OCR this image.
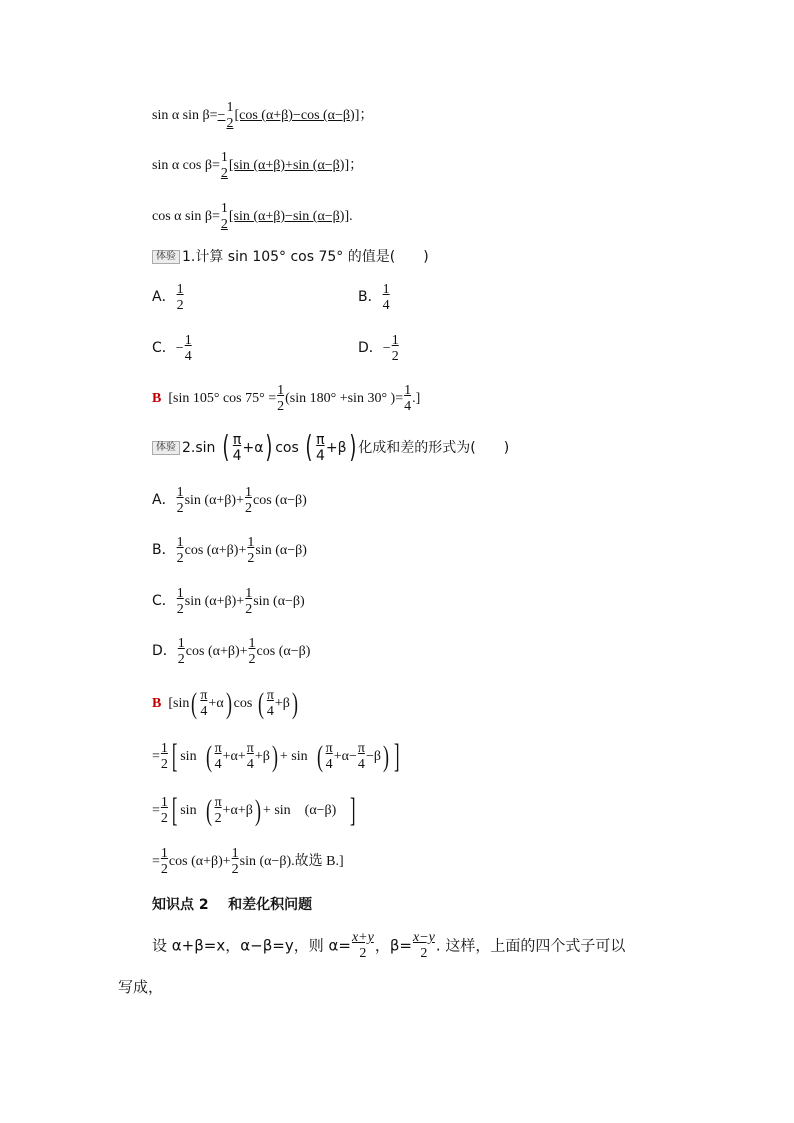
sin α sin β=−
1
2
[cos (α+β)−cos (α−β)]；
sin α cos β=
1
2
[sin (α+β)+sin (α−β)]；
cos α sin β=
1
2
[sin (α+β)−sin (α−β)].
体验 1.计算 sin 105° cos 75° 的值是(　　)
A． $\frac{1}{2}$	B． $\frac{1}{4}$
C．− $\frac{1}{4}$	D．− $\frac{1}{2}$
B [sin 105° $\cos 75^\circ = \frac{1}{2} (\sin$ 180° +sin 30° )= $\frac{1}{4}$ .]
体验 2.sin ( $\frac{\pi}{4} +\alpha$) cos ( $\frac{\pi}{4} +\beta$) 化成和差的形式为(　　)
A． $\frac{1}{2}$ $\sin (\alpha+\beta)+ \frac{1}{2}$ cos (α−β)
B． $\frac{1}{2}$ $\cos (\alpha+\beta)+ \frac{1}{2}$ sin (α−β)
C． $\frac{1}{2}$ $\sin (\alpha+\beta)+ \frac{1}{2}$ sin (α−β)
D． $\frac{1}{2}$ $\cos (\alpha+\beta)+ \frac{1}{2}$ cos (α−β)
B [$\sin( \frac{\pi}{4} +\alpha)$ cos ( $\frac{\pi}{4} +\beta$)
= $\frac{1}{2}$ [ sin ( $\frac{\pi}{4} +\alpha+ \frac{\pi}{4} +\beta) + \sin$ ( $\frac{\pi}{4} +\alpha- \frac{\pi}{4} -\beta$) ]
= $\frac{1}{2}$ [ sin ( $\frac{\pi}{2} +\alpha+\beta) + \sin (\alpha-\beta)$ ]
= $\frac{1}{2}$ $\cos (\alpha+\beta)+ \frac{1}{2}$ sin (α−β).故选 B.]
知识点 2 和差化积问题
设 α+β=x，α−β=y，则 $\alpha= \frac{x+y}{2}$ ，$\beta= \frac{x-y}{2}$ . 这样，上面的四个式子可以
写成，
